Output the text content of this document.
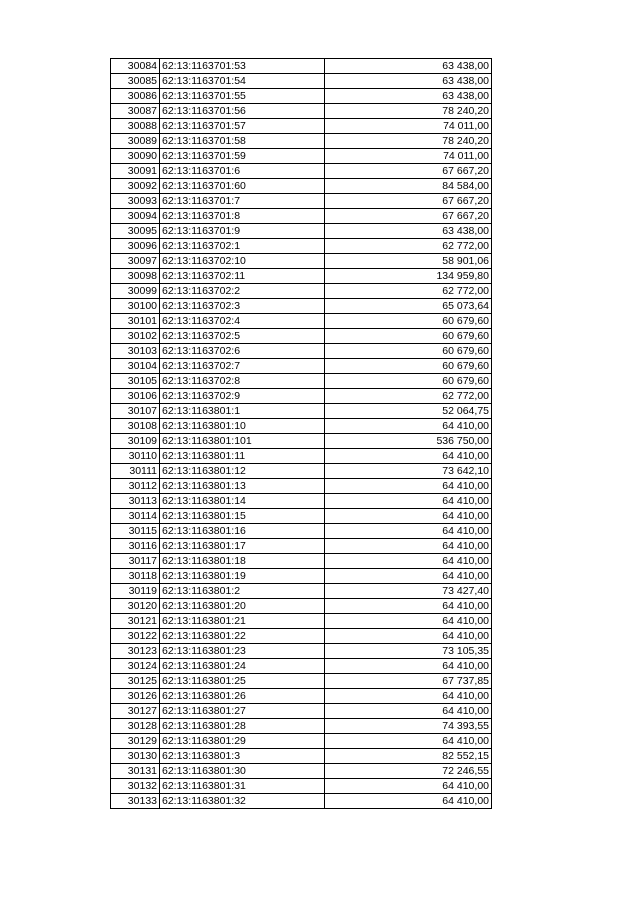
30084	62:13:1163701:53	63 438,00
30085	62:13:1163701:54	63 438,00
30086	62:13:1163701:55	63 438,00
30087	62:13:1163701:56	78 240,20
30088	62:13:1163701:57	74 011,00
30089	62:13:1163701:58	78 240,20
30090	62:13:1163701:59	74 011,00
30091	62:13:1163701:6	67 667,20
30092	62:13:1163701:60	84 584,00
30093	62:13:1163701:7	67 667,20
30094	62:13:1163701:8	67 667,20
30095	62:13:1163701:9	63 438,00
30096	62:13:1163702:1	62 772,00
30097	62:13:1163702:10	58 901,06
30098	62:13:1163702:11	134 959,80
30099	62:13:1163702:2	62 772,00
30100	62:13:1163702:3	65 073,64
30101	62:13:1163702:4	60 679,60
30102	62:13:1163702:5	60 679,60
30103	62:13:1163702:6	60 679,60
30104	62:13:1163702:7	60 679,60
30105	62:13:1163702:8	60 679,60
30106	62:13:1163702:9	62 772,00
30107	62:13:1163801:1	52 064,75
30108	62:13:1163801:10	64 410,00
30109	62:13:1163801:101	536 750,00
30110	62:13:1163801:11	64 410,00
30111	62:13:1163801:12	73 642,10
30112	62:13:1163801:13	64 410,00
30113	62:13:1163801:14	64 410,00
30114	62:13:1163801:15	64 410,00
30115	62:13:1163801:16	64 410,00
30116	62:13:1163801:17	64 410,00
30117	62:13:1163801:18	64 410,00
30118	62:13:1163801:19	64 410,00
30119	62:13:1163801:2	73 427,40
30120	62:13:1163801:20	64 410,00
30121	62:13:1163801:21	64 410,00
30122	62:13:1163801:22	64 410,00
30123	62:13:1163801:23	73 105,35
30124	62:13:1163801:24	64 410,00
30125	62:13:1163801:25	67 737,85
30126	62:13:1163801:26	64 410,00
30127	62:13:1163801:27	64 410,00
30128	62:13:1163801:28	74 393,55
30129	62:13:1163801:29	64 410,00
30130	62:13:1163801:3	82 552,15
30131	62:13:1163801:30	72 246,55
30132	62:13:1163801:31	64 410,00
30133	62:13:1163801:32	64 410,00
